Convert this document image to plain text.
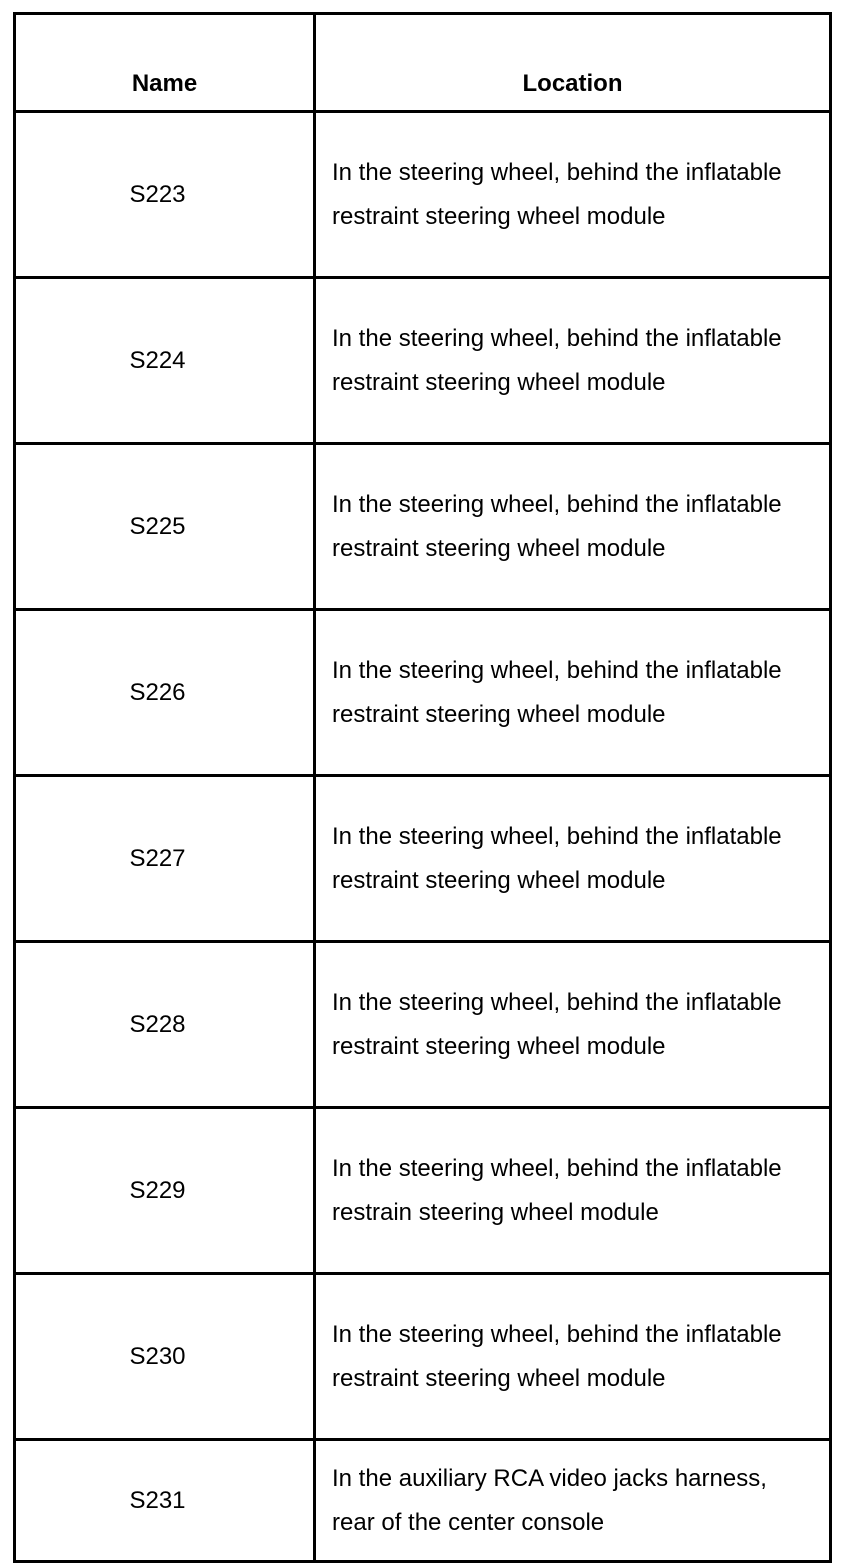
Name	Location
S223	In the steering wheel, behind the inflatable restraint steering wheel module
S224	In the steering wheel, behind the inflatable restraint steering wheel module
S225	In the steering wheel, behind the inflatable restraint steering wheel module
S226	In the steering wheel, behind the inflatable restraint steering wheel module
S227	In the steering wheel, behind the inflatable restraint steering wheel module
S228	In the steering wheel, behind the inflatable restraint steering wheel module
S229	In the steering wheel, behind the inflatable restrain steering wheel module
S230	In the steering wheel, behind the inflatable restraint steering wheel module
S231	In the auxiliary RCA video jacks harness, rear of the center console
